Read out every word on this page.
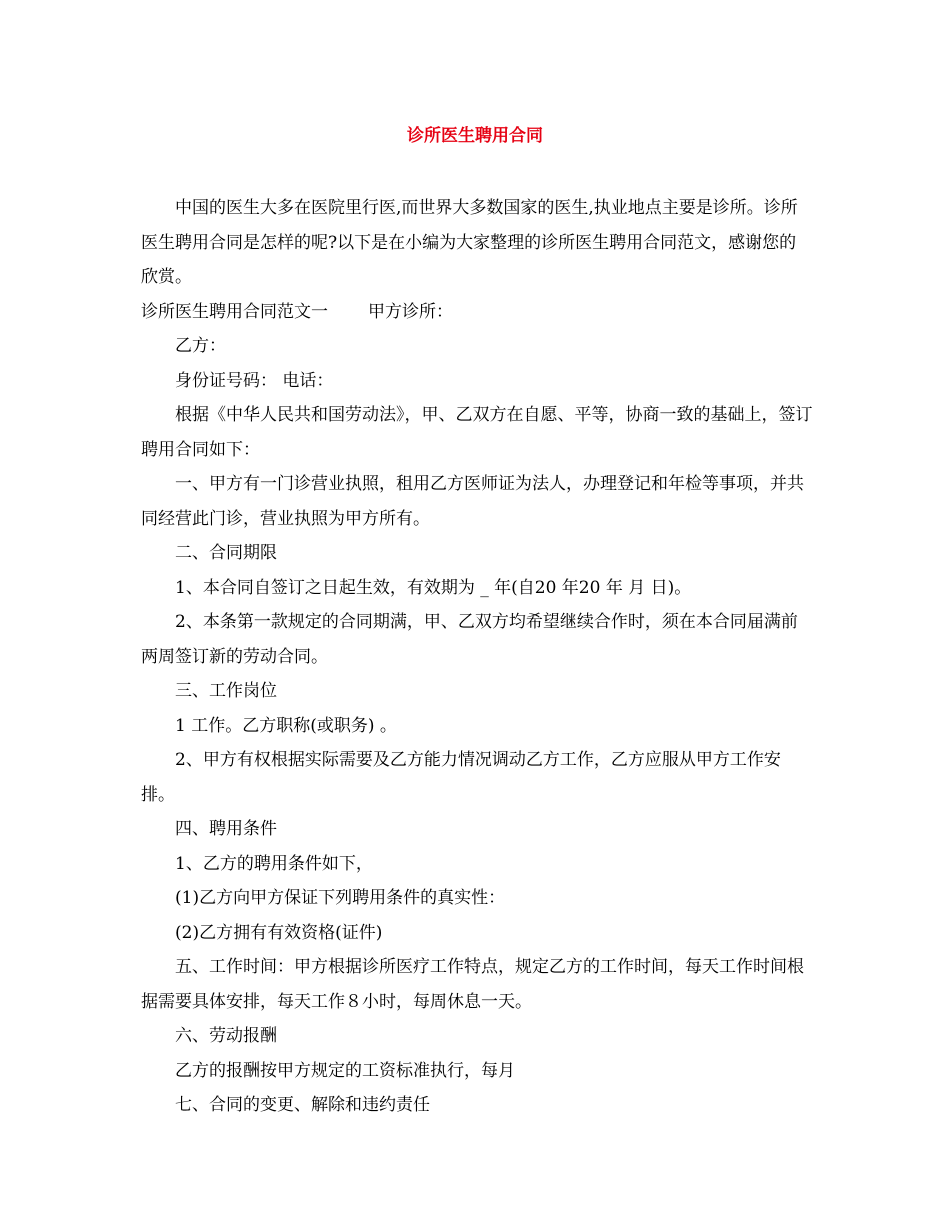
诊所医生聘用合同

中国的医生大多在医院里行医,而世界大多数国家的医生,执业地点主要是诊所。诊所医生聘用合同是怎样的呢?以下是在小编为大家整理的诊所医生聘用合同范文，感谢您的欣赏。

诊所医生聘用合同范文一 甲方诊所：

乙方：

身份证号码： 电话：

根据《中华人民共和国劳动法》，甲、乙双方在自愿、平等，协商一致的基础上，签订聘用合同如下：

一、甲方有一门诊营业执照，租用乙方医师证为法人，办理登记和年检等事项，并共同经营此门诊，营业执照为甲方所有。

二、合同期限

1、本合同自签订之日起生效，有效期为 _ 年(自20 年20 年 月 日)。

2、本条第一款规定的合同期满，甲、乙双方均希望继续合作时，须在本合同届满前两周签订新的劳动合同。

三、工作岗位

1 工作。乙方职称(或职务) 。

2、甲方有权根据实际需要及乙方能力情况调动乙方工作，乙方应服从甲方工作安排。

四、聘用条件

1、乙方的聘用条件如下，

(1)乙方向甲方保证下列聘用条件的真实性：

(2)乙方拥有有效资格(证件)

五、工作时间：甲方根据诊所医疗工作特点，规定乙方的工作时间，每天工作时间根据需要具体安排，每天工作８小时，每周休息一天。

六、劳动报酬

乙方的报酬按甲方规定的工资标准执行，每月

七、合同的变更、解除和违约责任
